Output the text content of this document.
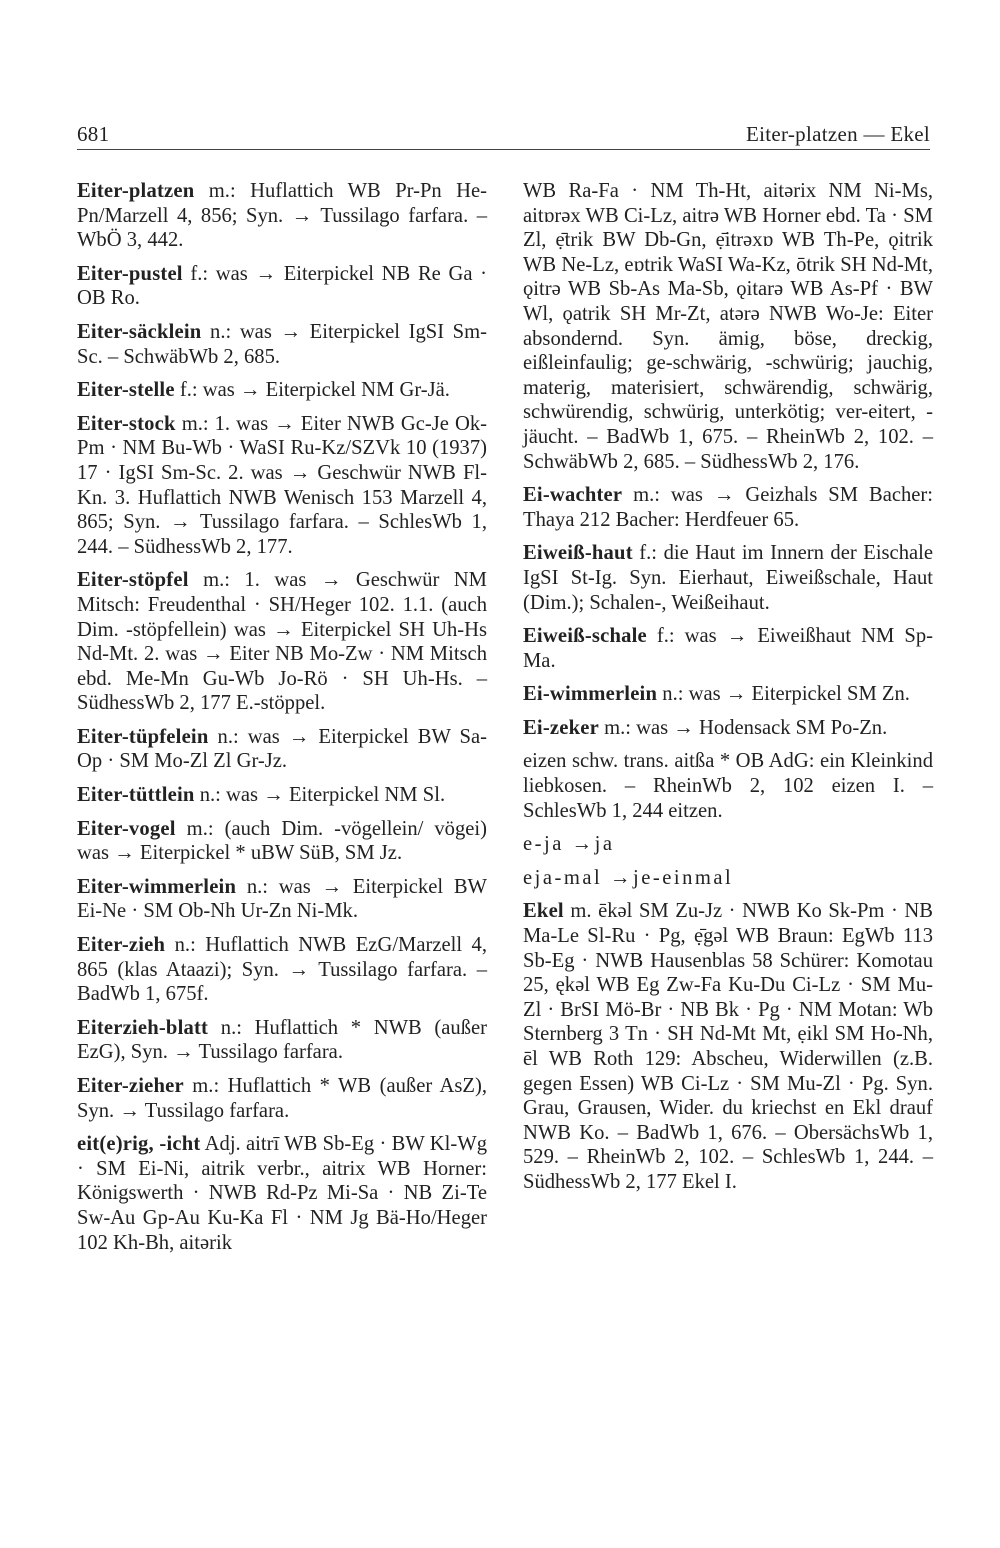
681	Eiter-platzen — Ekel

Eiter-platzen m.: Huflattich WB Pr-Pn He-Pn/Marzell 4, 856; Syn. → Tussilago farfara. – WbÖ 3, 442.

Eiter-pustel f.: was → Eiterpickel NB Re Ga · OB Ro.

Eiter-säcklein n.: was → Eiterpickel IgSI Sm-Sc. – SchwäbWb 2, 685.

Eiter-stelle f.: was → Eiterpickel NM Gr-Jä.

Eiter-stock m.: 1. was → Eiter NWB Gc-Je Ok-Pm · NM Bu-Wb · WaSI Ru-Kz/SZVk 10 (1937) 17 · IgSI Sm-Sc. 2. was → Geschwür NWB Fl-Kn. 3. Huflattich NWB Wenisch 153 Marzell 4, 865; Syn. → Tussilago farfara. – SchlesWb 1, 244. – SüdhessWb 2, 177.

Eiter-stöpfel m.: 1. was → Geschwür NM Mitsch: Freudenthal · SH/Heger 102. 1.1. (auch Dim. -stöpfellein) was → Eiterpickel SH Uh-Hs Nd-Mt. 2. was → Eiter NB Mo-Zw · NM Mitsch ebd. Me-Mn Gu-Wb Jo-Rö · SH Uh-Hs. – SüdhessWb 2, 177 E.-stöppel.

Eiter-tüpfelein n.: was → Eiterpickel BW Sa-Op · SM Mo-Zl Zl Gr-Jz.

Eiter-tüttlein n.: was → Eiterpickel NM Sl.

Eiter-vogel m.: (auch Dim. -vögellein/ vögei) was → Eiterpickel * uBW SüB, SM Jz.

Eiter-wimmerlein n.: was → Eiterpickel BW Ei-Ne · SM Ob-Nh Ur-Zn Ni-Mk.

Eiter-zieh n.: Huflattich NWB EzG/Marzell 4, 865 (klas Ataazi); Syn. → Tussilago farfara. – BadWb 1, 675f.

Eiterzieh-blatt n.: Huflattich * NWB (außer EzG), Syn. → Tussilago farfara.

Eiter-zieher m.: Huflattich * WB (außer AsZ), Syn. → Tussilago farfara.

eit(e)rig, -icht Adj. aitrī WB Sb-Eg · BW Kl-Wg · SM Ei-Ni, aitrik verbr., aitrix WB Horner: Königswerth · NWB Rd-Pz Mi-Sa · NB Zi-Te Sw-Au Gp-Au Ku-Ka Fl · NM Jg Bä-Ho/Heger 102 Kh-Bh, aitərik

WB Ra-Fa · NM Th-Ht, aitərix NM Ni-Ms, aitɒrəx WB Ci-Lz, aitrə WB Horner ebd. Ta · SM Zl, ẹ̄trik BW Db-Gn, ẹ̄itrəxɒ WB Th-Pe, ǫitrik WB Ne-Lz, eɒtrik WaSI Wa-Kz, ōtrik SH Nd-Mt, ǫitrə WB Sb-As Ma-Sb, ǫitarə WB As-Pf · BW Wl, ǫatrik SH Mr-Zt, atərə NWB Wo-Je: Eiter absondernd. Syn. ämig, böse, dreckig, eißleinfaulig; ge-schwärig, -schwürig; jauchig, materig, materisiert, schwärendig, schwärig, schwürendig, schwürig, unterkötig; ver-eitert, -jäucht. – BadWb 1, 675. – RheinWb 2, 102. – SchwäbWb 2, 685. – SüdhessWb 2, 176.

Ei-wachter m.: was → Geizhals SM Bacher: Thaya 212 Bacher: Herdfeuer 65.

Eiweiß-haut f.: die Haut im Innern der Eischale IgSI St-Ig. Syn. Eierhaut, Eiweißschale, Haut (Dim.); Schalen-, Weißeihaut.

Eiweiß-schale f.: was → Eiweißhaut NM Sp-Ma.

Ei-wimmerlein n.: was → Eiterpickel SM Zn.

Ei-zeker m.: was → Hodensack SM Po-Zn.

eizen schw. trans. aitßa * OB AdG: ein Kleinkind liebkosen. – RheinWb 2, 102 eizen I. – SchlesWb 1, 244 eitzen.

e-ja →ja

eja-mal →je-einmal

Ekel m. ēkəl SM Zu-Jz · NWB Ko Sk-Pm · NB Ma-Le Sl-Ru · Pg, ẹ̄gəl WB Braun: EgWb 113 Sb-Eg · NWB Hausenblas 58 Schürer: Komotau 25, ękəl WB Eg Zw-Fa Ku-Du Ci-Lz · SM Mu-Zl · BrSI Mö-Br · NB Bk · Pg · NM Motan: Wb Sternberg 3 Tn · SH Nd-Mt Mt, ẹikl SM Ho-Nh, ēl WB Roth 129: Abscheu, Widerwillen (z.B. gegen Essen) WB Ci-Lz · SM Mu-Zl · Pg. Syn. Grau, Grausen, Wider. du kriechst en Ekl drauf NWB Ko. – BadWb 1, 676. – ObersächsWb 1, 529. – RheinWb 2, 102. – SchlesWb 1, 244. – SüdhessWb 2, 177 Ekel I.
